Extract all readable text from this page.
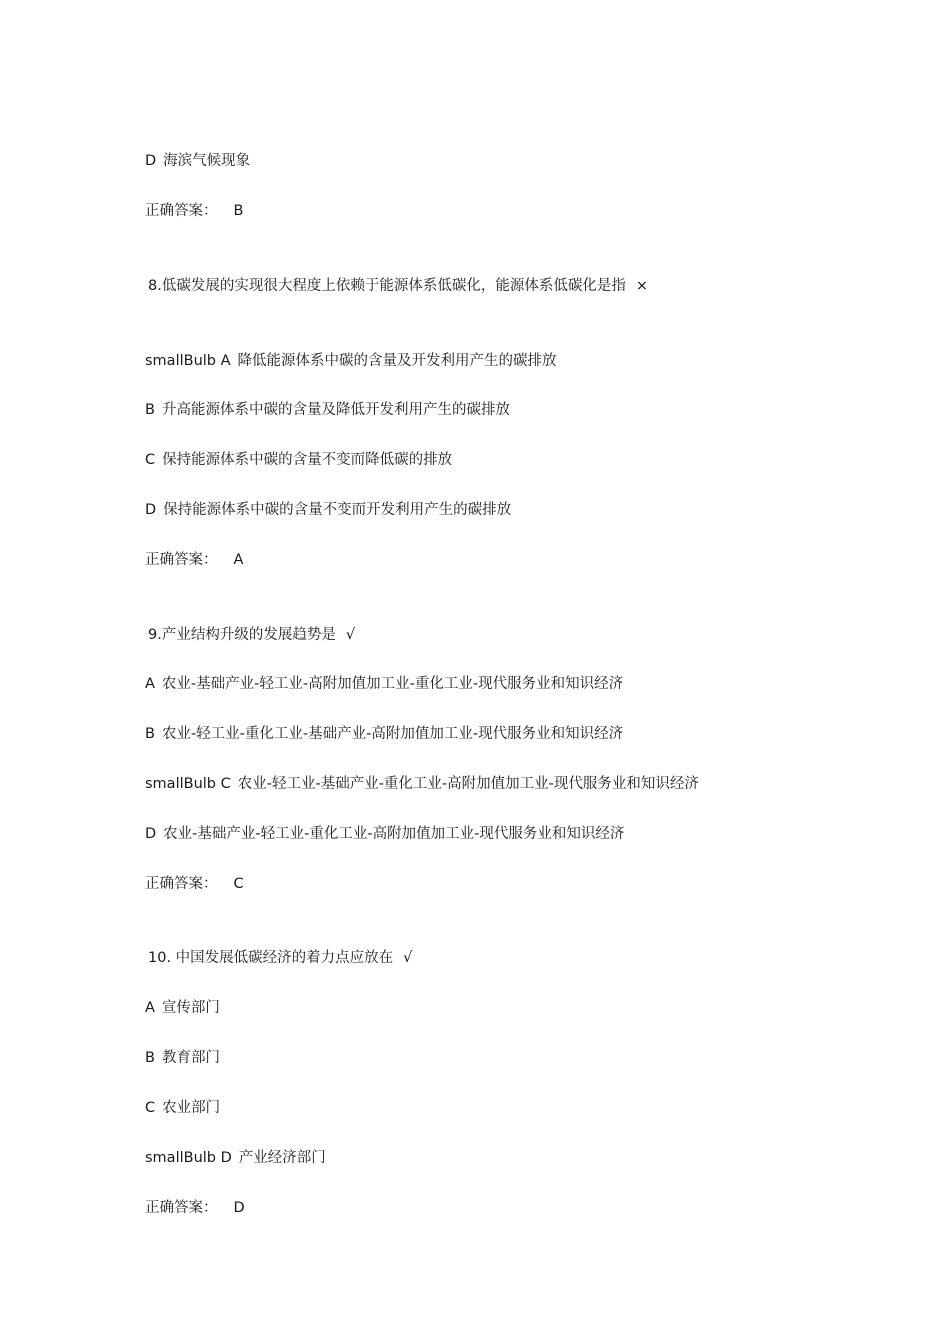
D 海滨气候现象
正确答案： B
8.低碳发展的实现很大程度上依赖于能源体系低碳化，能源体系低碳化是指 ×
smallBulb A 降低能源体系中碳的含量及开发利用产生的碳排放
B 升高能源体系中碳的含量及降低开发利用产生的碳排放
C 保持能源体系中碳的含量不变而降低碳的排放
D 保持能源体系中碳的含量不变而开发利用产生的碳排放
正确答案： A
9.产业结构升级的发展趋势是 √
A 农业-基础产业-轻工业-高附加值加工业-重化工业-现代服务业和知识经济
B 农业-轻工业-重化工业-基础产业-高附加值加工业-现代服务业和知识经济
smallBulb C 农业-轻工业-基础产业-重化工业-高附加值加工业-现代服务业和知识经济
D 农业-基础产业-轻工业-重化工业-高附加值加工业-现代服务业和知识经济
正确答案： C
10. 中国发展低碳经济的着力点应放在 √
A 宣传部门
B 教育部门
C 农业部门
smallBulb D 产业经济部门
正确答案： D
